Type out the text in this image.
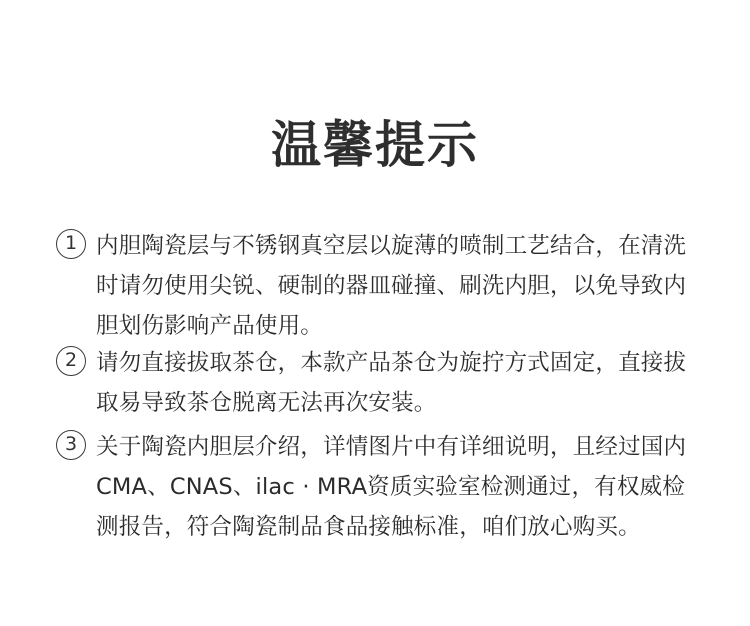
温馨提示
1 内胆陶瓷层与不锈钢真空层以旋薄的喷制工艺结合，在清洗时请勿使用尖锐、硬制的器皿碰撞、刷洗内胆，以免导致内胆划伤影响产品使用。
2 请勿直接拔取茶仓，本款产品茶仓为旋拧方式固定，直接拔取易导致茶仓脱离无法再次安装。
3 关于陶瓷内胆层介绍，详情图片中有详细说明，且经过国内CMA、CNAS、ilac · MRA资质实验室检测通过，有权威检测报告，符合陶瓷制品食品接触标准，咱们放心购买。
